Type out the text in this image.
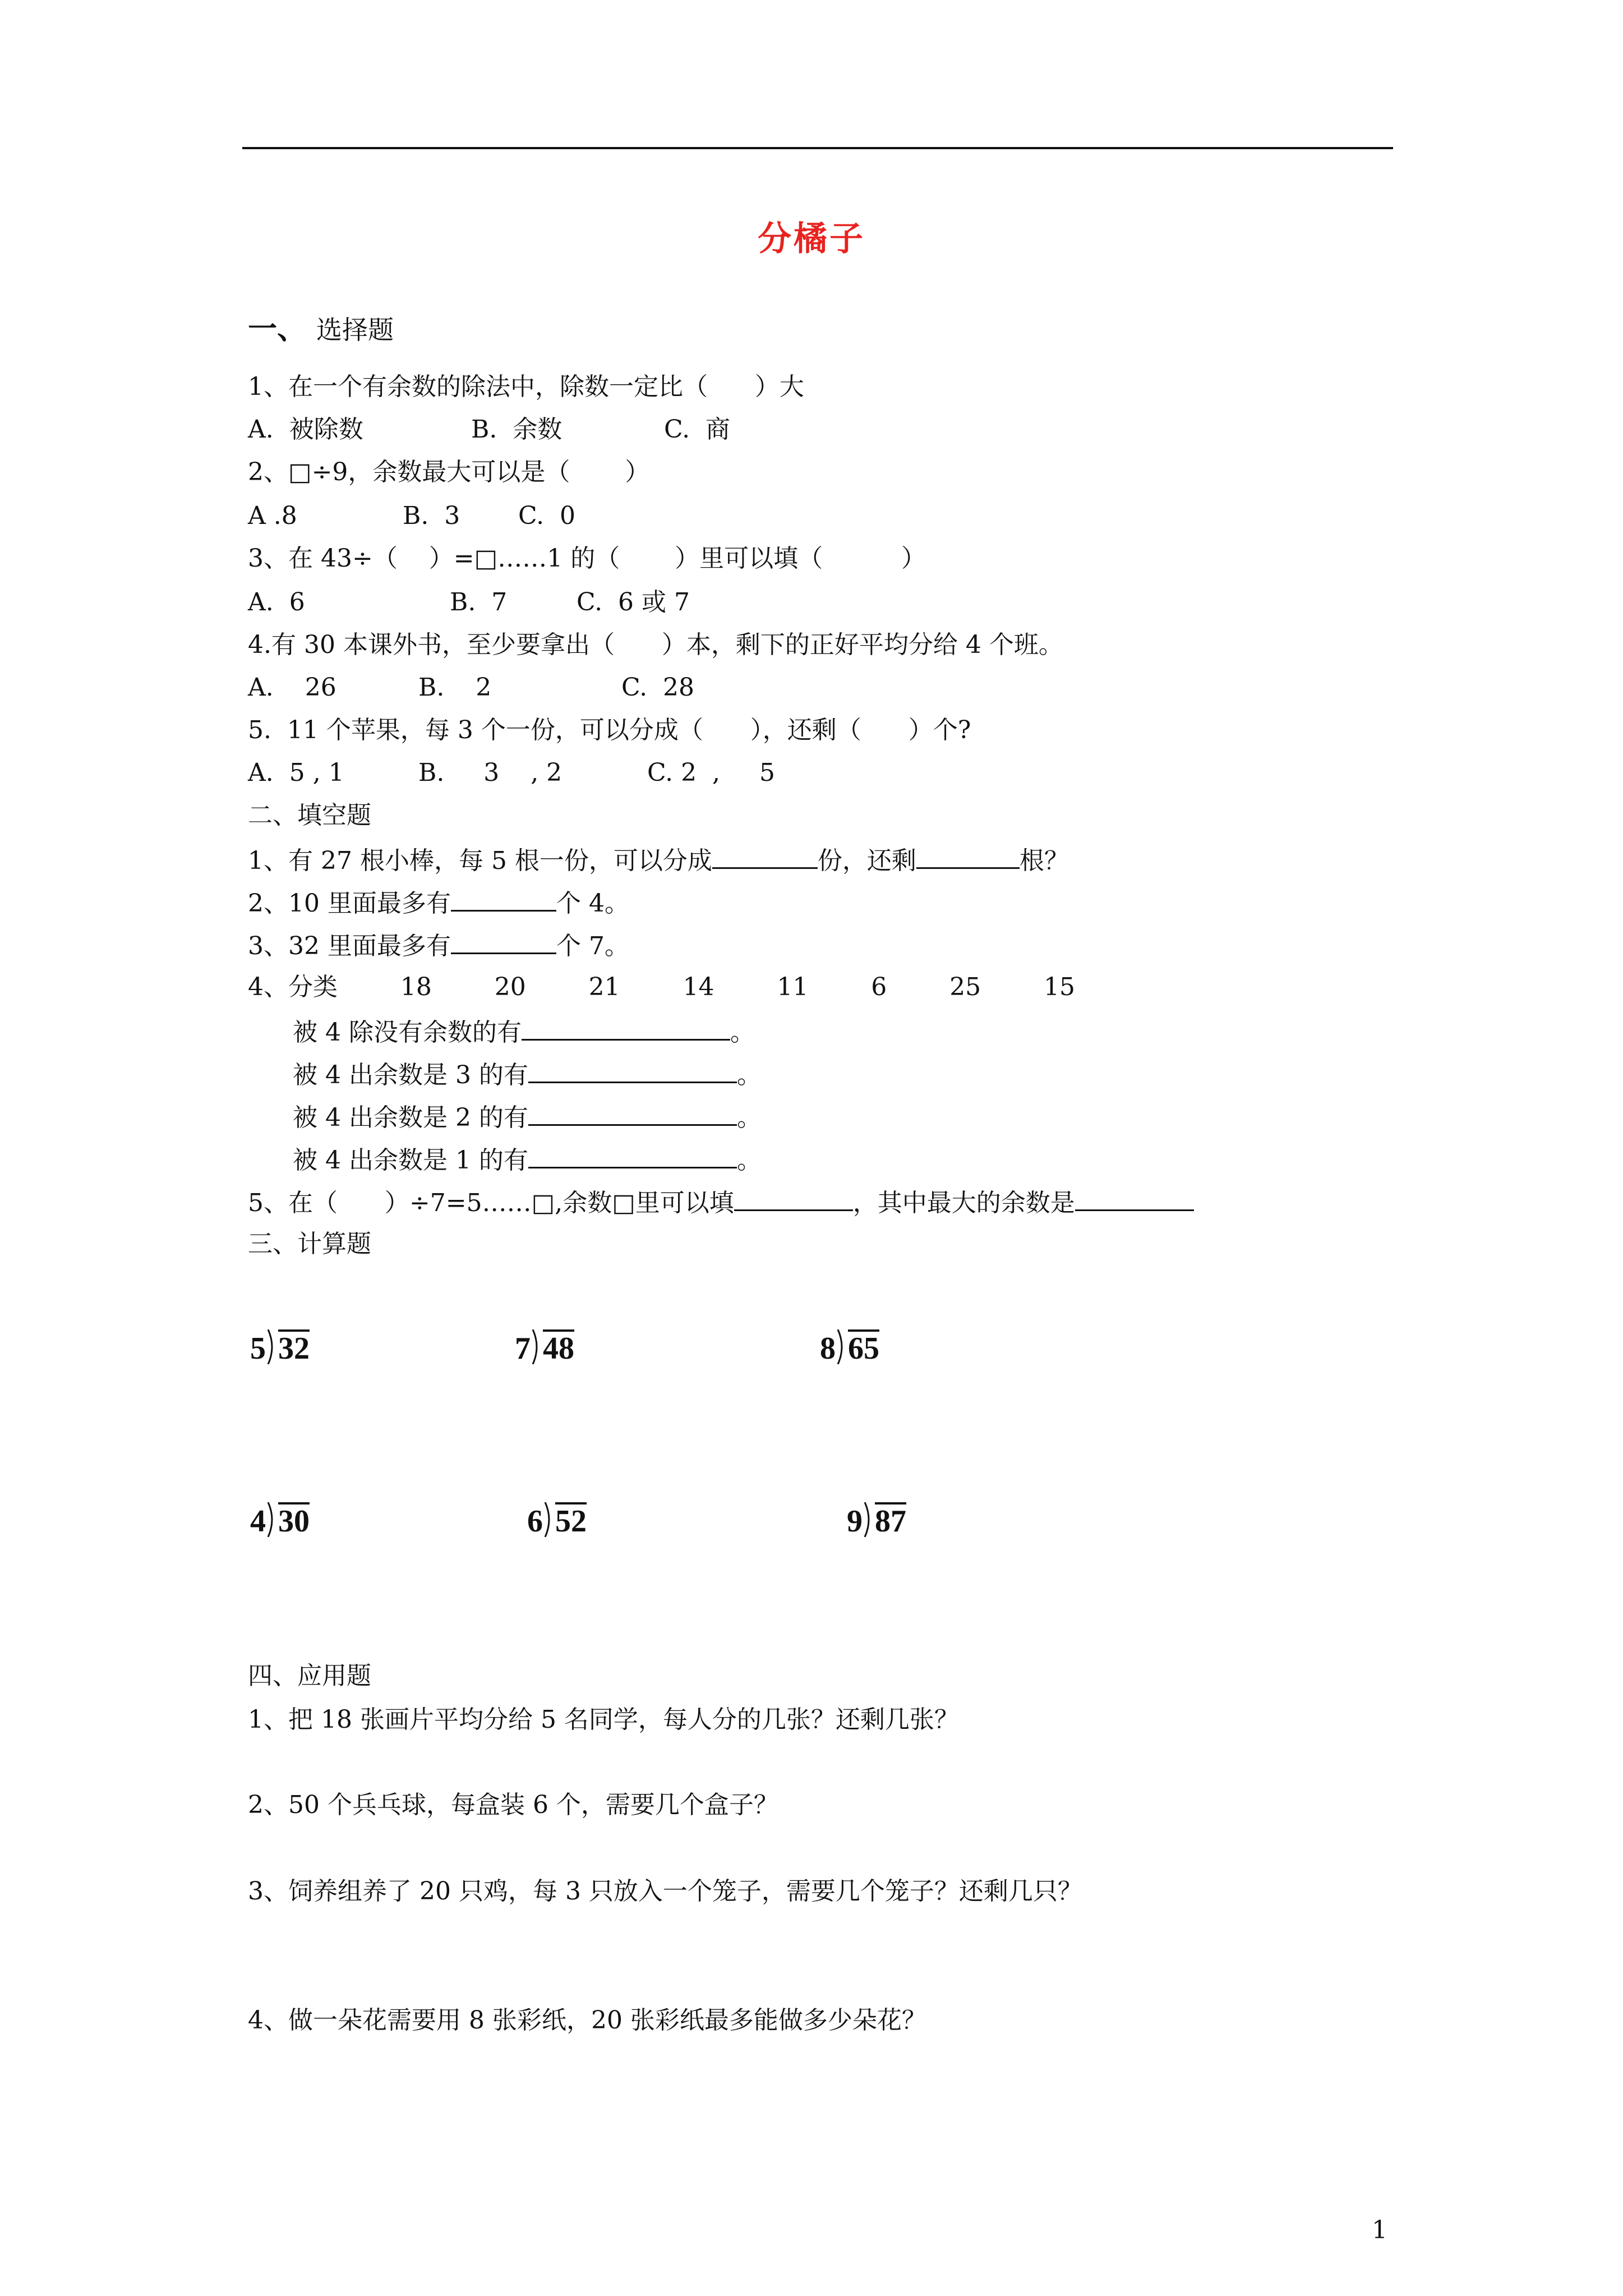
分橘子
一、 选择题
1、在一个有余数的除法中，除数一定比（      ）大
A.  被除数	B.  余数	C.  商
2、□÷9，余数最大可以是（       ）
A .8	B.  3 C.  0
3、在 43÷（    ）=□……1 的（       ）里可以填（          ）
A.  6	B.  7	C.  6 或 7
4.有 30 本课外书，至少要拿出（      ）本，剩下的正好平均分给 4 个班。
A.    26	B.    2	C.  28
5.  11 个苹果，每 3 个一份，可以分成（      ），还剩（      ）个?
A.  5 , 1	B.     3    , 2	C. 2  ,     5
二、填空题
1、有 27 根小棒，每 5 根一份，可以分成	份，还剩	根？
2、10 里面最多有	个 4。
3、32 里面最多有	个 7。
4、分类        18        20        21        14        11        6        25        15
被 4 除没有余数的有	。
被 4 出余数是 3 的有	。
被 4 出余数是 2 的有	。
被 4 出余数是 1 的有	。
5、在（      ）÷7=5……□,余数□里可以填	，其中最大的余数是
三、计算题
5 32	7 48	8 65
4 30	6 52	9 87
四、应用题
1、把 18 张画片平均分给 5 名同学，每人分的几张？还剩几张？
2、50 个兵乓球，每盒装 6 个，需要几个盒子？
3、饲养组养了 20 只鸡，每 3 只放入一个笼子，需要几个笼子？还剩几只？
4、做一朵花需要用 8 张彩纸，20 张彩纸最多能做多少朵花？
1
